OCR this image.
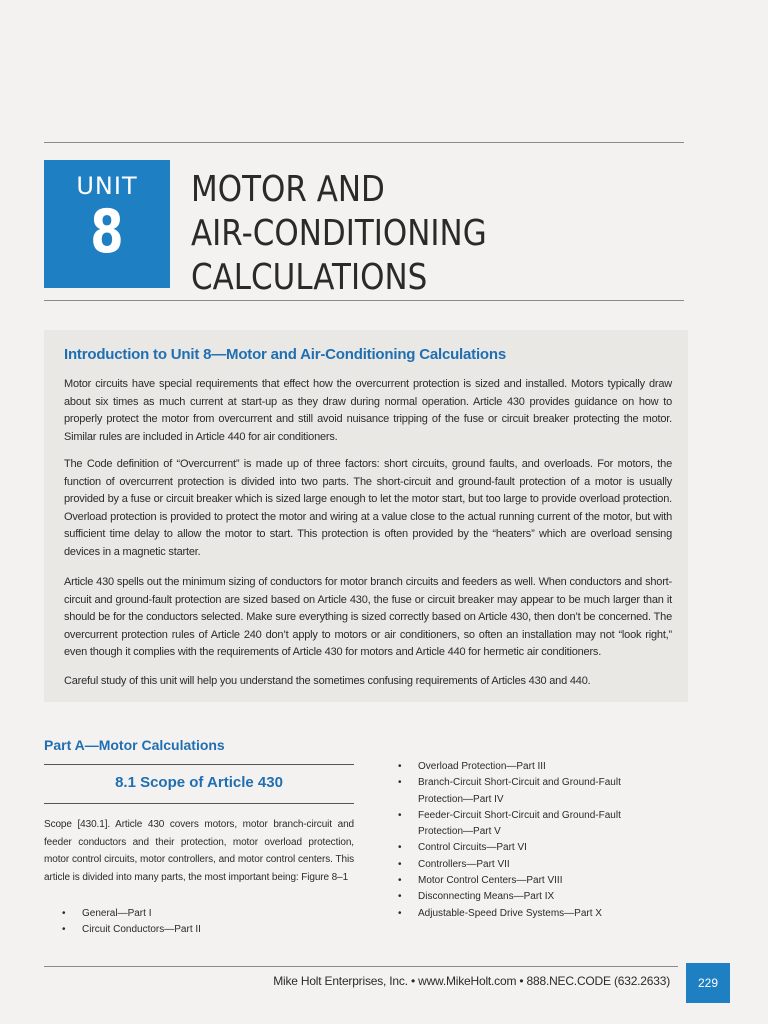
UNIT
8
MOTOR AND
AIR-CONDITIONING
CALCULATIONS
Introduction to Unit 8—Motor and Air-Conditioning Calculations

Motor circuits have special requirements that effect how the overcurrent protection is sized and installed. Motors typically draw about six times as much current at start-up as they draw during normal operation. Article 430 provides guidance on how to properly protect the motor from overcurrent and still avoid nuisance tripping of the fuse or circuit breaker protecting the motor. Similar rules are included in Article 440 for air conditioners.

The Code definition of “Overcurrent” is made up of three factors: short circuits, ground faults, and overloads. For motors, the function of overcurrent protection is divided into two parts. The short-circuit and ground-fault protection of a motor is usually provided by a fuse or circuit breaker which is sized large enough to let the motor start, but too large to provide overload protection. Overload protection is provided to protect the motor and wiring at a value close to the actual running current of the motor, but with sufficient time delay to allow the motor to start. This protection is often provided by the “heaters” which are overload sensing devices in a magnetic starter.

Article 430 spells out the minimum sizing of conductors for motor branch circuits and feeders as well. When conductors and short-circuit and ground-fault protection are sized based on Article 430, the fuse or circuit breaker may appear to be much larger than it should be for the conductors selected. Make sure everything is sized correctly based on Article 430, then don’t be concerned. The overcurrent protection rules of Article 240 don’t apply to motors or air conditioners, so often an installation may not “look right,” even though it complies with the requirements of Article 430 for motors and Article 440 for hermetic air conditioners.

Careful study of this unit will help you understand the sometimes confusing requirements of Articles 430 and 440.

Part A—Motor Calculations
8.1 Scope of Article 430

Scope [430.1]. Article 430 covers motors, motor branch-circuit and feeder conductors and their protection, motor overload protection, motor control circuits, motor controllers, and motor control centers. This article is divided into many parts, the most important being: Figure 8–1

• General—Part I
• Circuit Conductors—Part II
• Overload Protection—Part III
• Branch-Circuit Short-Circuit and Ground-Fault Protection—Part IV
• Feeder-Circuit Short-Circuit and Ground-Fault Protection—Part V
• Control Circuits—Part VI
• Controllers—Part VII
• Motor Control Centers—Part VIII
• Disconnecting Means—Part IX
• Adjustable-Speed Drive Systems—Part X
Mike Holt Enterprises, Inc. • www.MikeHolt.com • 888.NEC.CODE (632.2633)	229
